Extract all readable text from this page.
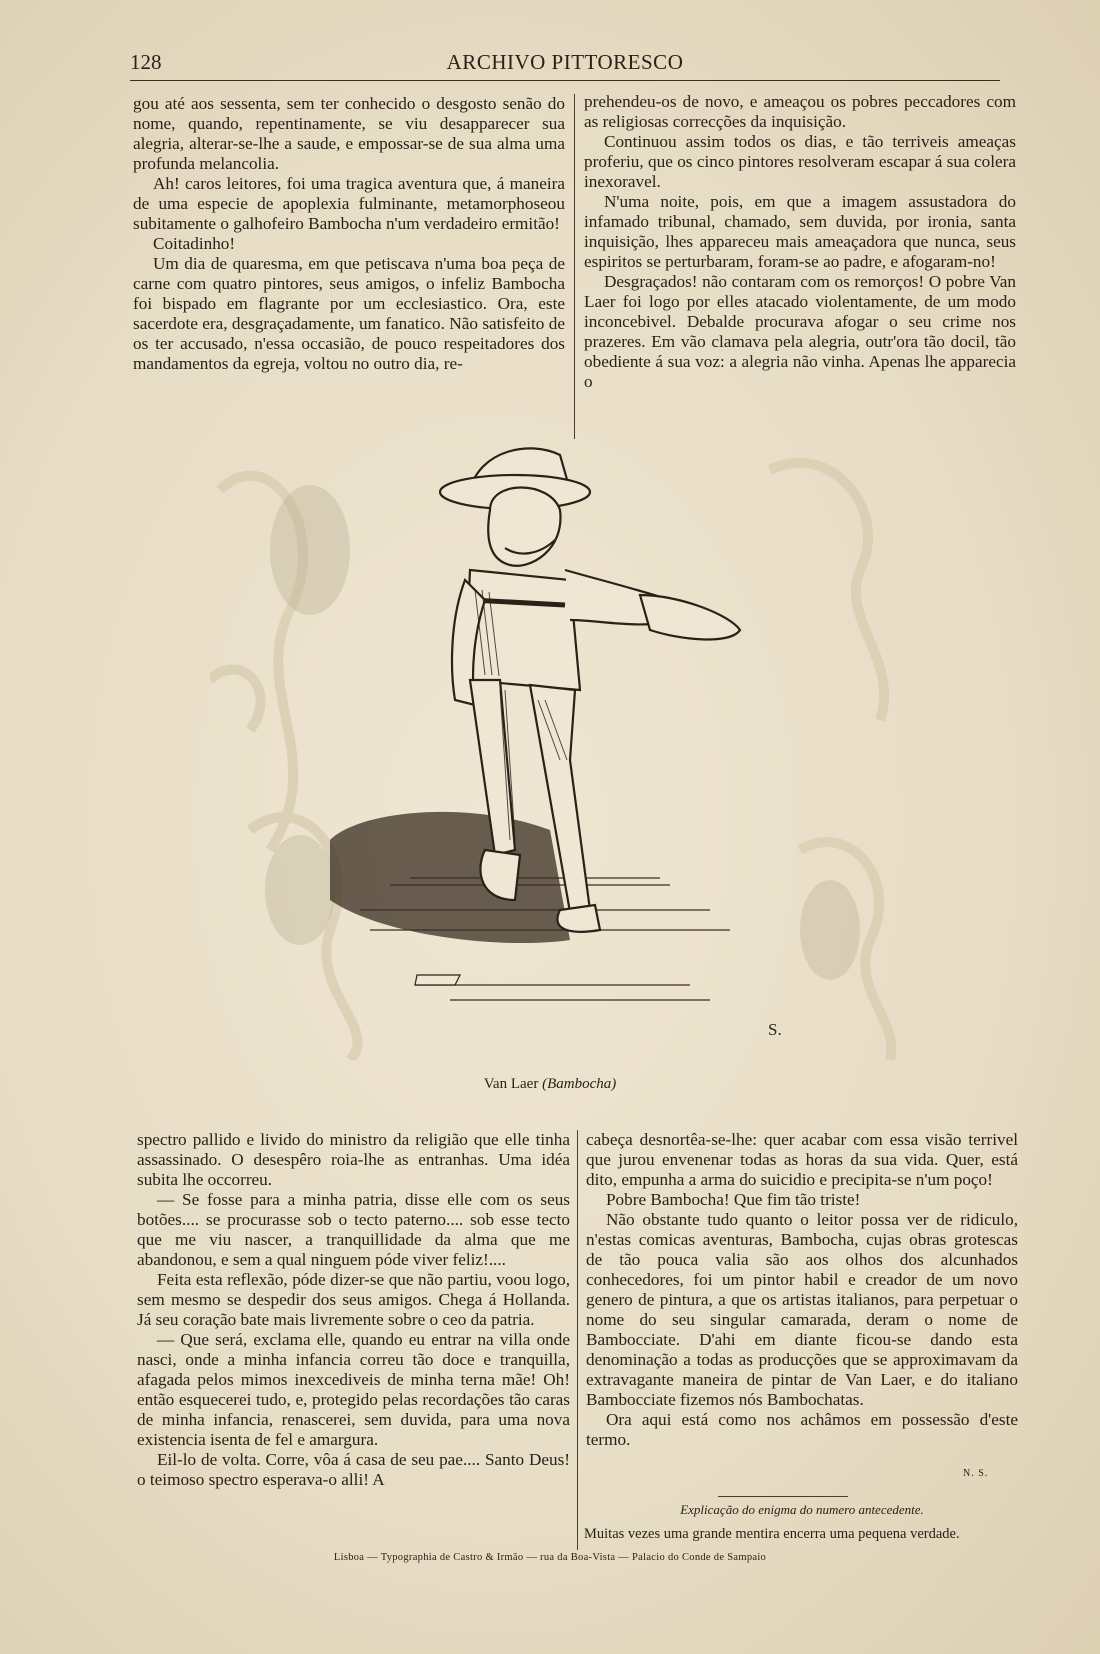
128	ARCHIVO PITTORESCO

gou até aos sessenta, sem ter conhecido o desgosto senão do nome, quando, repentinamente, se viu desapparecer sua alegria, alterar-se-lhe a saude, e empossar-se de sua alma uma profunda melancolia.

Ah! caros leitores, foi uma tragica aventura que, á maneira de uma especie de apoplexia fulminante, metamorphoseou subitamente o galhofeiro Bambocha n'um verdadeiro ermitão!

Coitadinho!

Um dia de quaresma, em que petiscava n'uma boa peça de carne com quatro pintores, seus amigos, o infeliz Bambocha foi bispado em flagrante por um ecclesiastico. Ora, este sacerdote era, desgraçadamente, um fanatico. Não satisfeito de os ter accusado, n'essa occasião, de pouco respeitadores dos mandamentos da egreja, voltou no outro dia, re-

prehendeu-os de novo, e ameaçou os pobres peccadores com as religiosas correcções da inquisição.

Continuou assim todos os dias, e tão terriveis ameaças proferiu, que os cinco pintores resolveram escapar á sua colera inexoravel.

N'uma noite, pois, em que a imagem assustadora do infamado tribunal, chamado, sem duvida, por ironia, santa inquisição, lhes appareceu mais ameaçadora que nunca, seus espiritos se perturbaram, foram-se ao padre, e afogaram-no!

Desgraçados! não contaram com os remorços! O pobre Van Laer foi logo por elles atacado violentamente, de um modo inconcebivel. Debalde procurava afogar o seu crime nos prazeres. Em vão clamava pela alegria, outr'ora tão docil, tão obediente á sua voz: a alegria não vinha. Apenas lhe apparecia o

S.
Van Laer (Bambocha)

spectro pallido e livido do ministro da religião que elle tinha assassinado. O desespêro roia-lhe as entranhas. Uma idéa subita lhe occorreu.

— Se fosse para a minha patria, disse elle com os seus botões.... se procurasse sob o tecto paterno.... sob esse tecto que me viu nascer, a tranquillidade da alma que me abandonou, e sem a qual ninguem póde viver feliz!....

Feita esta reflexão, póde dizer-se que não partiu, voou logo, sem mesmo se despedir dos seus amigos. Chega á Hollanda. Já seu coração bate mais livremente sobre o ceo da patria.

— Que será, exclama elle, quando eu entrar na villa onde nasci, onde a minha infancia correu tão doce e tranquilla, afagada pelos mimos inexcediveis de minha terna mãe! Oh! então esquecerei tudo, e, protegido pelas recordações tão caras de minha infancia, renascerei, sem duvida, para uma nova existencia isenta de fel e amargura.

Eil-lo de volta. Corre, vôa á casa de seu pae.... Santo Deus! o teimoso spectro esperava-o alli! A

cabeça desnortêa-se-lhe: quer acabar com essa visão terrivel que jurou envenenar todas as horas da sua vida. Quer, está dito, empunha a arma do suicidio e precipita-se n'um poço!

Pobre Bambocha! Que fim tão triste!

Não obstante tudo quanto o leitor possa ver de ridiculo, n'estas comicas aventuras, Bambocha, cujas obras grotescas de tão pouca valia são aos olhos dos alcunhados conhecedores, foi um pintor habil e creador de um novo genero de pintura, a que os artistas italianos, para perpetuar o nome do seu singular camarada, deram o nome de Bambocciate. D'ahi em diante ficou-se dando esta denominação a todas as producções que se approximavam da extravagante maneira de pintar de Van Laer, e do italiano Bambocciate fizemos nós Bambochatas.

Ora aqui está como nos achâmos em possessão d'este termo.

N. S.
Explicação do enigma do numero antecedente.
Muitas vezes uma grande mentira encerra uma pequena verdade.
Lisboa — Typographia de Castro & Irmão — rua da Boa-Vista — Palacio do Conde de Sampaio
